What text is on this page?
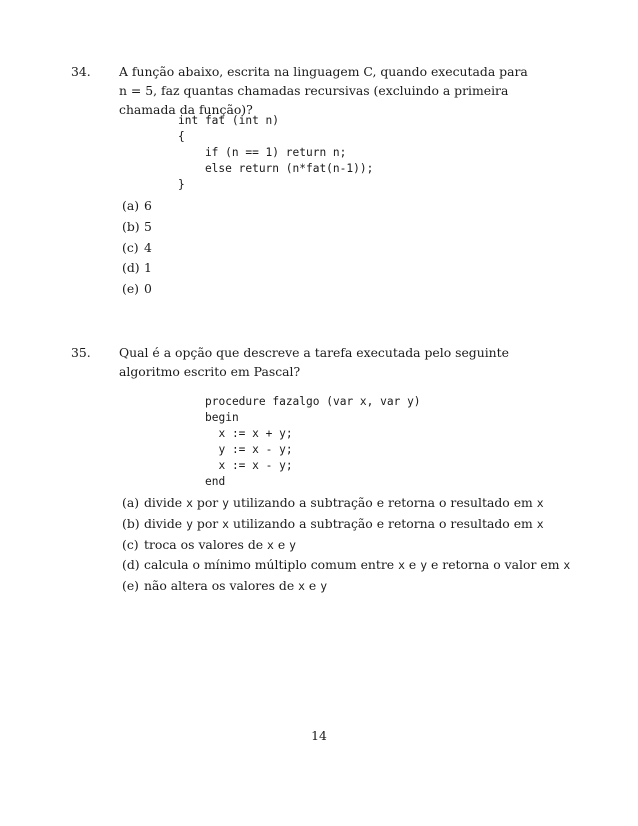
34. A função abaixo, escrita na linguagem C, quando executada para n = 5, faz quantas chamadas recursivas (excluindo a primeira chamada da função)?
int fat (int n)
{
if (n == 1) return n;
else return (n*fat(n-1));
}
(a) 6
(b) 5
(c) 4
(d) 1
(e) 0
35. Qual é a opção que descreve a tarefa executada pelo seguinte algoritmo escrito em Pascal?
procedure fazalgo (var x, var y)
begin
x := x + y;
y := x - y;
x := x - y;
end
(a) divide x por y utilizando a subtração e retorna o resultado em x
(b) divide y por x utilizando a subtração e retorna o resultado em x
(c) troca os valores de x e y
(d) calcula o mínimo múltiplo comum entre x e y e retorna o valor em x
(e) não altera os valores de x e y
14
